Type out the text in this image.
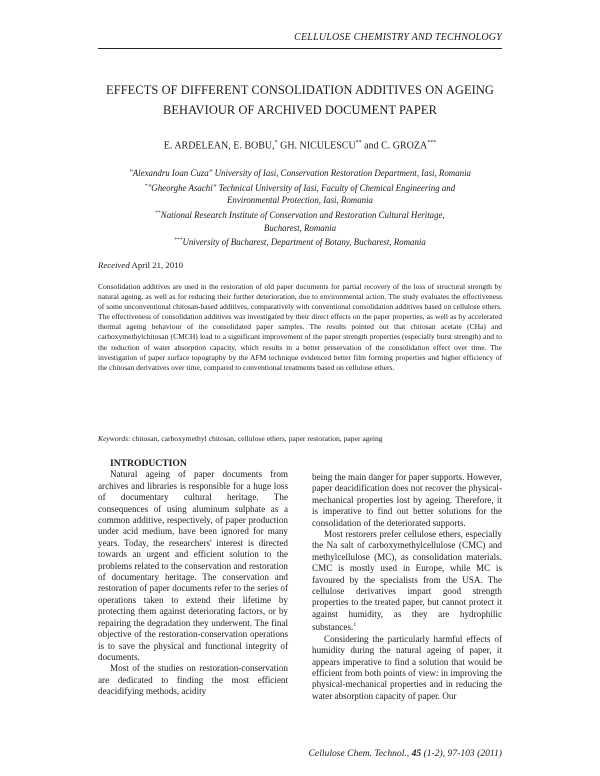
CELLULOSE CHEMISTRY AND TECHNOLOGY
EFFECTS OF DIFFERENT CONSOLIDATION ADDITIVES ON AGEING
BEHAVIOUR OF ARCHIVED DOCUMENT PAPER
E. ARDELEAN, E. BOBU,* GH. NICULESCU** and C. GROZA***
"Alexandru Ioan Cuza" University of Iasi, Conservation Restoration Department, Iasi, Romania
*"Gheorghe Asachi" Technical University of Iasi, Faculty of Chemical Engineering and
Environmental Protection, Iasi, Romania
**National Research Institute of Conservation and Restoration Cultural Heritage,
Bucharest, Romania
***University of Bucharest, Department of Botany, Bucharest, Romania
Received April 21, 2010

Consolidation additives are used in the restoration of old paper documents for partial recovery of the loss of structural strength by natural ageing, as well as for reducing their further deterioration, due to environmental action. The study evaluates the effectiveness of some unconventional chitosan-based additives, comparatively with conventional consolidation additives based on cellulose ethers. The effectiveness of consolidation additives was investigated by their direct effects on the paper properties, as well as by accelerated thermal ageing behaviour of the consolidated paper samples. The results pointed out that chitosan acetate (CHa) and carboxymethylchitosan (CMCH) lead to a significant improvement of the paper strength properties (especially burst strength) and to the reduction of water absorption capacity, which results in a better preservation of the consolidation effect over time. The investigation of paper surface topography by the AFM technique evidenced better film forming properties and higher efficiency of the chitosan derivatives over time, compared to conventional treatments based on cellulose ethers.

Keywords: chitosan, carboxymethyl chitosan, cellulose ethers, paper restoration, paper ageing

INTRODUCTION

Natural ageing of paper documents from archives and libraries is responsible for a huge loss of documentary cultural heritage. The consequences of using aluminum sulphate as a common additive, respectively, of paper production under acid medium, have been ignored for many years. Today, the researchers' interest is directed towards an urgent and efficient solution to the problems related to the conservation and restoration of documentary heritage. The conservation and restoration of paper documents refer to the series of operations taken to extend their lifetime by protecting them against deteriorating factors, or by repairing the degradation they underwent. The final objective of the restoration-conservation operations is to save the physical and functional integrity of documents.

Most of the studies on restoration-conservation are dedicated to finding the most efficient deacidifying methods, acidity

being the main danger for paper supports. However, paper deacidification does not recover the physical-mechanical properties lost by ageing. Therefore, it is imperative to find out better solutions for the consolidation of the deteriorated supports.

Most restorers prefer cellulose ethers, especially the Na salt of carboxymethylcellulose (CMC) and methylcellulose (MC), as consolidation materials. CMC is mostly used in Europe, while MC is favoured by the specialists from the USA. The cellulose derivatives impart good strength properties to the treated paper, but cannot protect it against humidity, as they are hydrophilic substances.$^1$

Considering the particularly harmful effects of humidity during the natural ageing of paper, it appears imperative to find a solution that would be efficient from both points of view: in improving the physical-mechanical properties and in reducing the water absorption capacity of paper. Our

Cellulose Chem. Technol., 45 (1-2), 97-103 (2011)
